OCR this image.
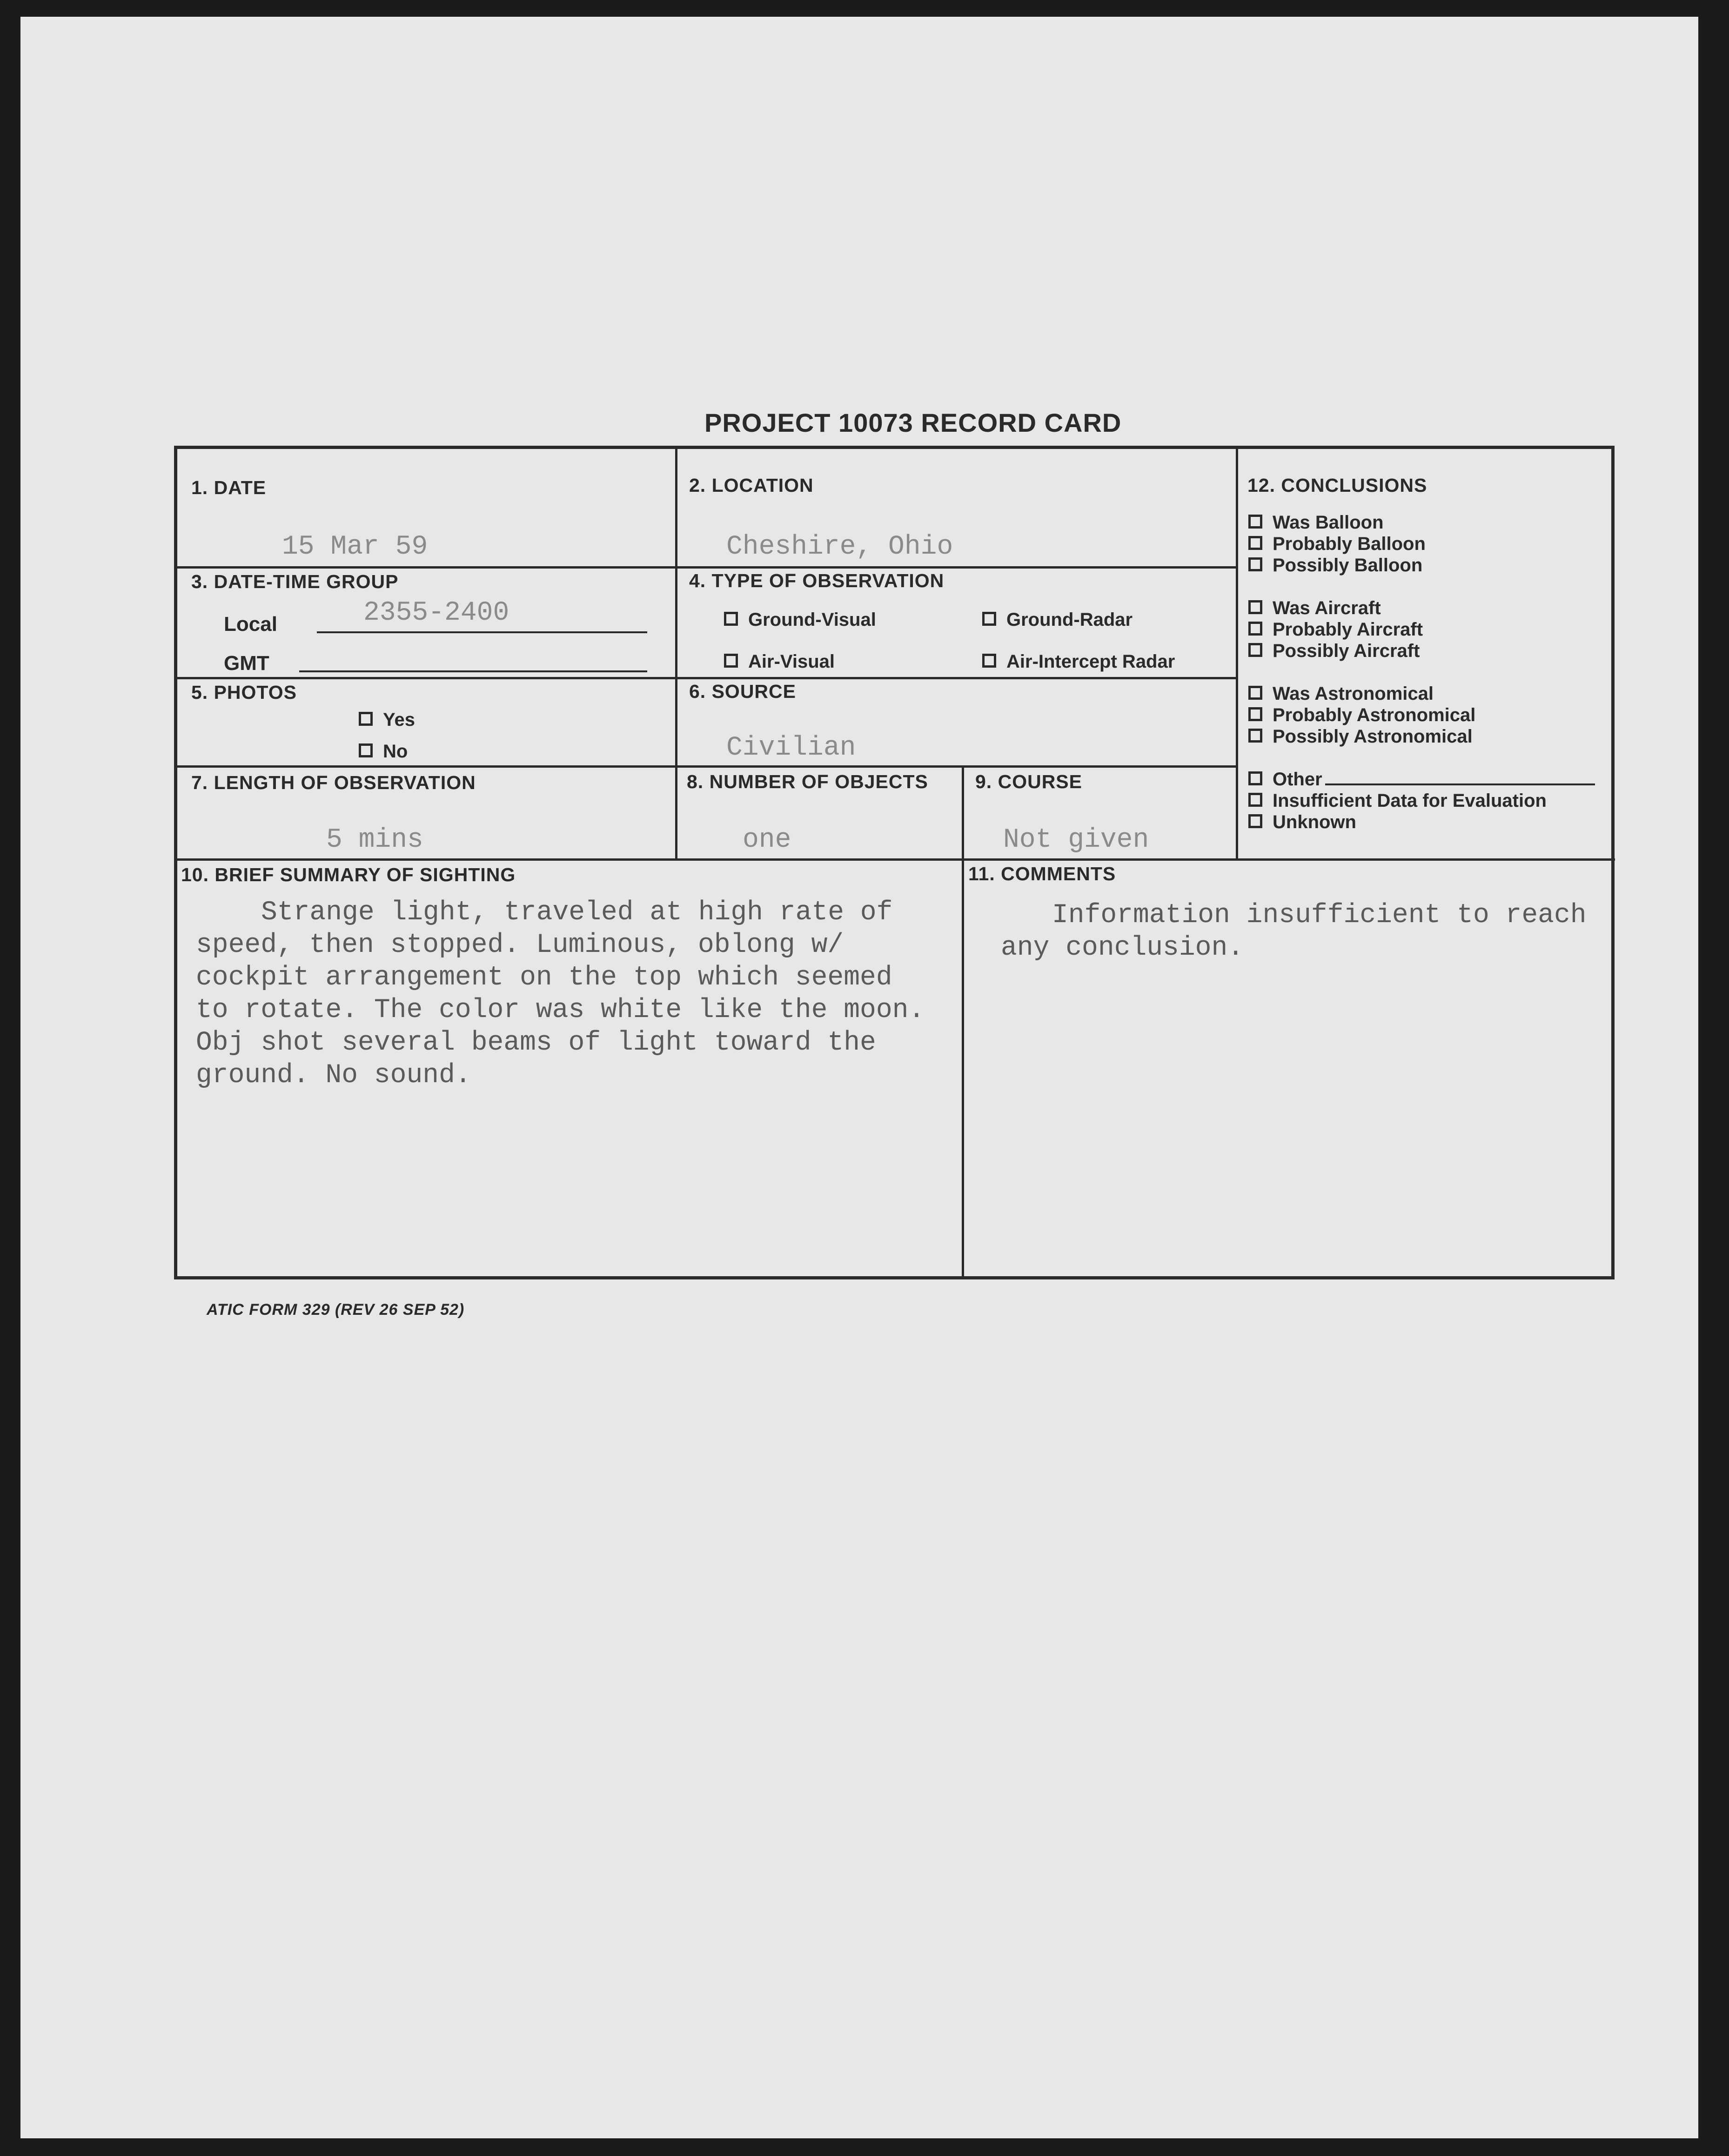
PROJECT 10073 RECORD CARD
1. DATE
15 Mar 59
2. LOCATION
Cheshire, Ohio
3. DATE-TIME GROUP
Local	2355-2400
GMT
4. TYPE OF OBSERVATION
Ground-Visual	Ground-Radar
Air-Visual	Air-Intercept Radar
5. PHOTOS
Yes
No
6. SOURCE
Civilian
7. LENGTH OF OBSERVATION
5 mins
8. NUMBER OF OBJECTS
one
9. COURSE
Not given
12. CONCLUSIONS
Was Balloon
Probably Balloon
Possibly Balloon
Was Aircraft
Probably Aircraft
Possibly Aircraft
Was Astronomical
Probably Astronomical
Possibly Astronomical
Other
Insufficient Data for Evaluation
Unknown
10. BRIEF SUMMARY OF SIGHTING
Strange light, traveled at high rate of
speed, then stopped. Luminous, oblong w/
cockpit arrangement on the top which seemed
to rotate. The color was white like the moon.
Obj shot several beams of light toward the
ground. No sound.
11. COMMENTS
Information insufficient to reach
any conclusion.
ATIC FORM 329 (REV 26 SEP 52)
